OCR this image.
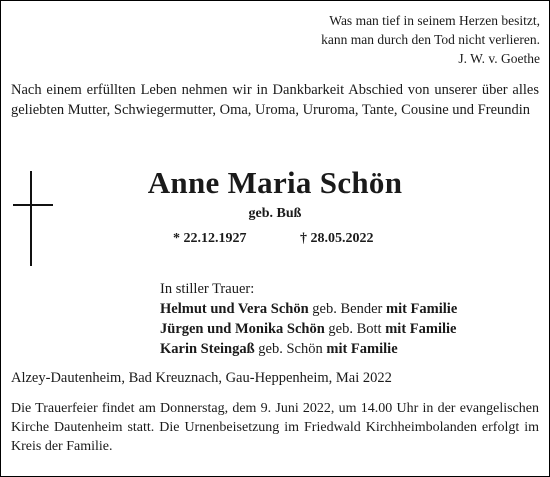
Was man tief in seinem Herzen besitzt,
kann man durch den Tod nicht verlieren.
J. W. v. Goethe
Nach einem erfüllten Leben nehmen wir in Dankbarkeit Abschied von unserer über alles geliebten Mutter, Schwiegermutter, Oma, Uroma, Ururoma, Tante, Cousine und Freundin
Anne Maria Schön
geb. Buß
* 22.12.1927	† 28.05.2022
In stiller Trauer:
Helmut und Vera Schön geb. Bender mit Familie
Jürgen und Monika Schön geb. Bott mit Familie
Karin Steingaß geb. Schön mit Familie
Alzey-Dautenheim, Bad Kreuznach, Gau-Heppenheim, Mai 2022
Die Trauerfeier findet am Donnerstag, dem 9. Juni 2022, um 14.00 Uhr in der evangelischen Kirche Dautenheim statt. Die Urnenbeisetzung im Friedwald Kirchheimbolanden erfolgt im Kreis der Familie.
